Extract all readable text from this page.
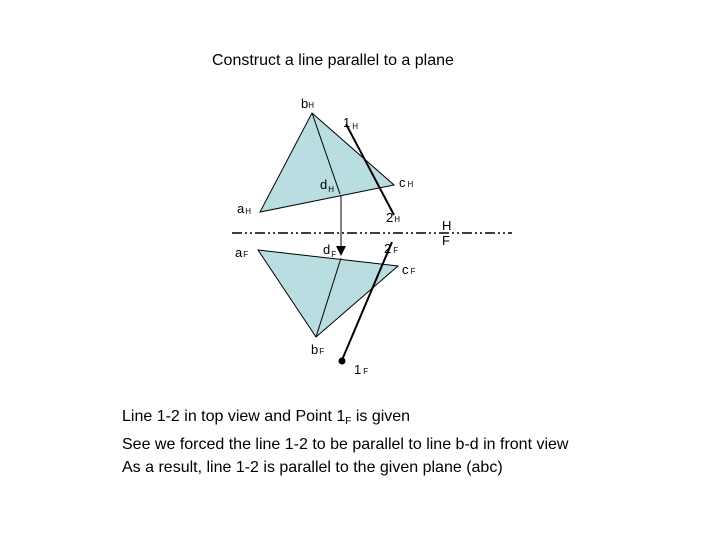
Construct a line parallel to a plane
bH
1 H
dH	c H
aH	2H	H
F
aF	dF	2 F
c F
bF
1 F
Line 1-2 in top view and Point 1F is given
See we forced the line 1-2 to be parallel to line b-d in front view
As a result, line 1-2 is parallel to the given plane (abc)
